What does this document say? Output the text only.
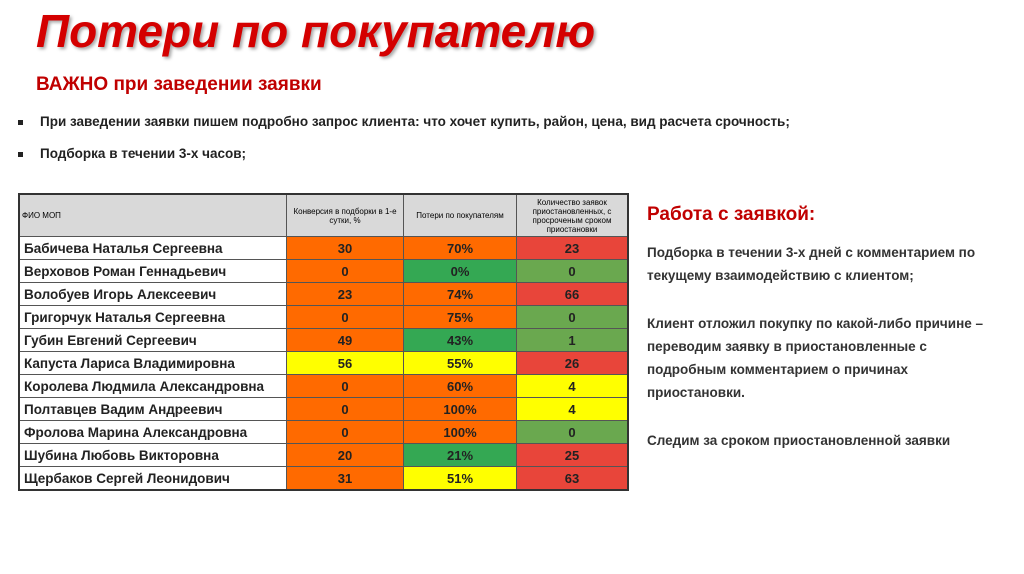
Потери по покупателю
ВАЖНО при заведении заявки
При заведении заявки пишем подробно запрос клиента: что хочет купить, район, цена, вид расчета срочность;
Подборка в течении 3-х часов;
ФИО МОП	Конверсия в подборки в 1-е сутки, %	Потери по покупателям	Количество заявок приостановленных, с просроченым сроком приостановки
Бабичева Наталья Сергеевна	30	70%	23
Верховов Роман Геннадьевич	0	0%	0
Волобуев Игорь Алексеевич	23	74%	66
Григорчук Наталья Сергеевна	0	75%	0
Губин Евгений Сергеевич	49	43%	1
Капуста Лариса Владимировна	56	55%	26
Королева Людмила Александровна	0	60%	4
Полтавцев Вадим Андреевич	0	100%	4
Фролова Марина Александровна	0	100%	0
Шубина Любовь Викторовна	20	21%	25
Щербаков Сергей Леонидович	31	51%	63
Работа с заявкой:
Подборка в течении 3-х дней с комментарием по текущему взаимодействию с клиентом;
Клиент отложил покупку по какой-либо причине – переводим заявку в приостановленные с подробным комментарием о причинах приостановки.
Следим за сроком приостановленной заявки
